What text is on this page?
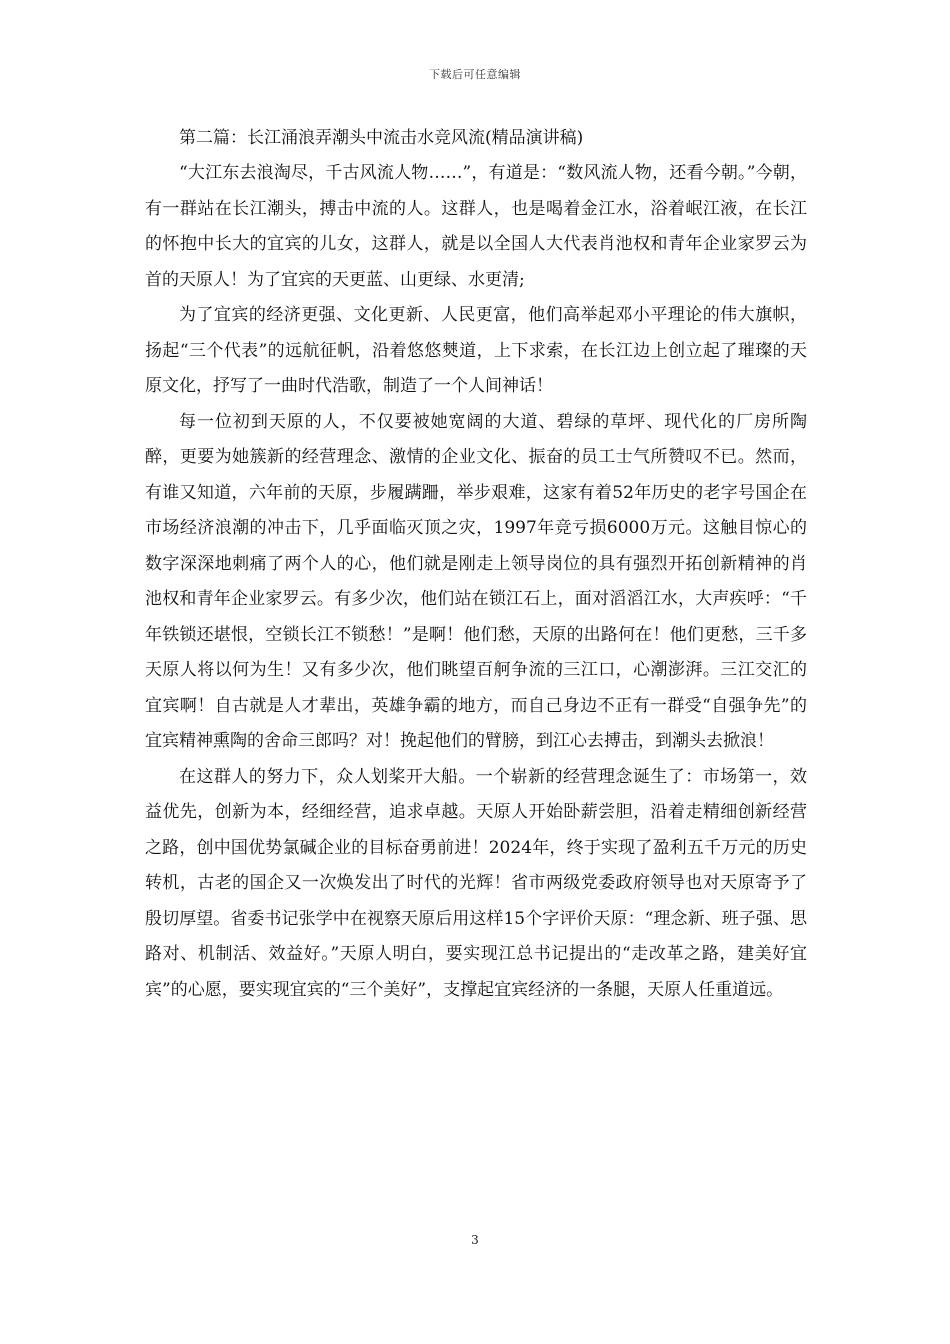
下载后可任意编辑
第二篇：长江涌浪弄潮头中流击水竞风流(精品演讲稿)

“大江东去浪淘尽，千古风流人物……”，有道是：“数风流人物，还看今朝。”今朝，有一群站在长江潮头，搏击中流的人。这群人，也是喝着金江水，浴着岷江液，在长江的怀抱中长大的宜宾的儿女，这群人，就是以全国人大代表肖池权和青年企业家罗云为首的天原人！为了宜宾的天更蓝、山更绿、水更清;

为了宜宾的经济更强、文化更新、人民更富，他们高举起邓小平理论的伟大旗帜，扬起“三个代表”的远航征帆，沿着悠悠僰道，上下求索，在长江边上创立起了璀璨的天原文化，抒写了一曲时代浩歌，制造了一个人间神话！

每一位初到天原的人，不仅要被她宽阔的大道、碧绿的草坪、现代化的厂房所陶醉，更要为她簇新的经营理念、激情的企业文化、振奋的员工士气所赞叹不已。然而，有谁又知道，六年前的天原，步履蹒跚，举步艰难，这家有着52年历史的老字号国企在市场经济浪潮的冲击下，几乎面临灭顶之灾，1997年竞亏损6000万元。这触目惊心的数字深深地刺痛了两个人的心，他们就是刚走上领导岗位的具有强烈开拓创新精神的肖池权和青年企业家罗云。有多少次，他们站在锁江石上，面对滔滔江水，大声疾呼：“千年铁锁还堪恨，空锁长江不锁愁！”是啊！他们愁，天原的出路何在！他们更愁，三千多天原人将以何为生！又有多少次，他们眺望百舸争流的三江口，心潮澎湃。三江交汇的宜宾啊！自古就是人才辈出，英雄争霸的地方，而自己身边不正有一群受“自强争先”的宜宾精神熏陶的舍命三郎吗？对！挽起他们的臂膀，到江心去搏击，到潮头去掀浪！

在这群人的努力下，众人划桨开大船。一个崭新的经营理念诞生了：市场第一，效益优先，创新为本，经细经营，追求卓越。天原人开始卧薪尝胆，沿着走精细创新经营之路，创中国优势氯碱企业的目标奋勇前进！2024年，终于实现了盈利五千万元的历史转机，古老的国企又一次焕发出了时代的光辉！省市两级党委政府领导也对天原寄予了殷切厚望。省委书记张学中在视察天原后用这样15个字评价天原：“理念新、班子强、思路对、机制活、效益好。”天原人明白，要实现江总书记提出的“走改革之路，建美好宜宾”的心愿，要实现宜宾的“三个美好”，支撑起宜宾经济的一条腿，天原人任重道远。

3
